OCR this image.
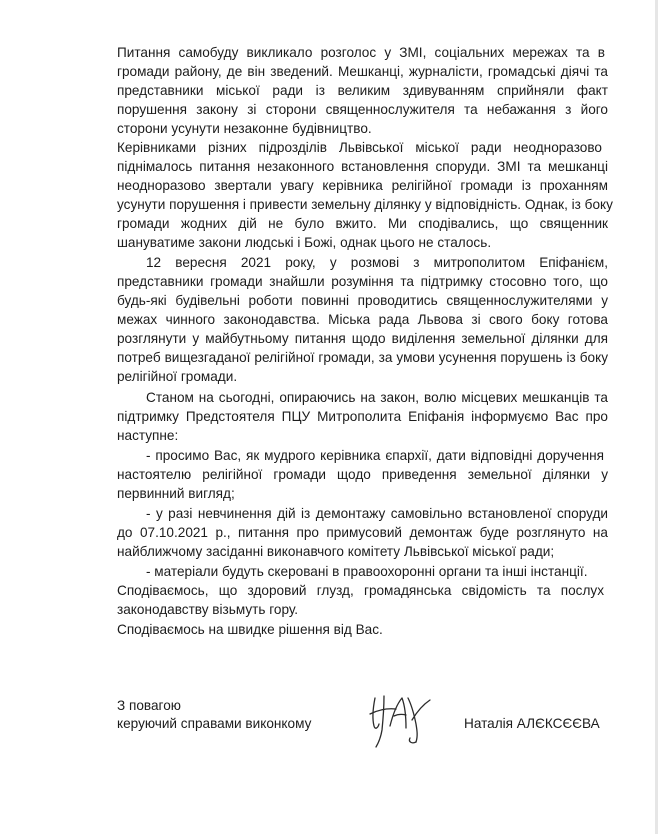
Питання самобуду викликало розголос у ЗМІ, соціальних мережах та в
громади району, де він зведений. Мешканці, журналісти, громадські діячі та
представники міської ради із великим здивуванням сприйняли факт
порушення закону зі сторони священнослужителя та небажання з його
сторони усунути незаконне будівництво.
Керівниками різних підрозділів Львівської міської ради неодноразово
піднімалось питання незаконного встановлення споруди. ЗМІ та мешканці
неодноразово звертали увагу керівника релігійної громади із проханням
усунути порушення і привести земельну ділянку у відповідність. Однак, із боку
громади жодних дій не було вжито. Ми сподівались, що священник
шануватиме закони людські і Божі, однак цього не сталось.
12 вересня 2021 року, у розмові з митрополитом Епіфанієм,
представники громади знайшли розуміння та підтримку стосовно того, що
будь-які будівельні роботи повинні проводитись священнослужителями у
межах чинного законодавства. Міська рада Львова зі свого боку готова
розглянути у майбутньому питання щодо виділення земельної ділянки для
потреб вищезгаданої релігійної громади, за умови усунення порушень із боку
релігійної громади.
Станом на сьогодні, опираючись на закон, волю місцевих мешканців та
підтримку Предстоятеля ПЦУ Митрополита Епіфанія інформуємо Вас про
наступне:
- просимо Вас, як мудрого керівника єпархії, дати відповідні доручення
настоятелю релігійної громади щодо приведення земельної ділянки у
первинний вигляд;
- у разі невчинення дій із демонтажу самовільно встановленої споруди
до 07.10.2021 р., питання про примусовий демонтаж буде розглянуто на
найближчому засіданні виконавчого комітету Львівської міської ради;
- матеріали будуть скеровані в правоохоронні органи та інші інстанції.
Сподіваємось, що здоровий глузд, громадянська свідомість та послух
законодавству візьмуть гору.
Сподіваємось на швидке рішення від Вас.
З повагою
керуючий справами виконкому	Наталія АЛЄКСЄЄВА
